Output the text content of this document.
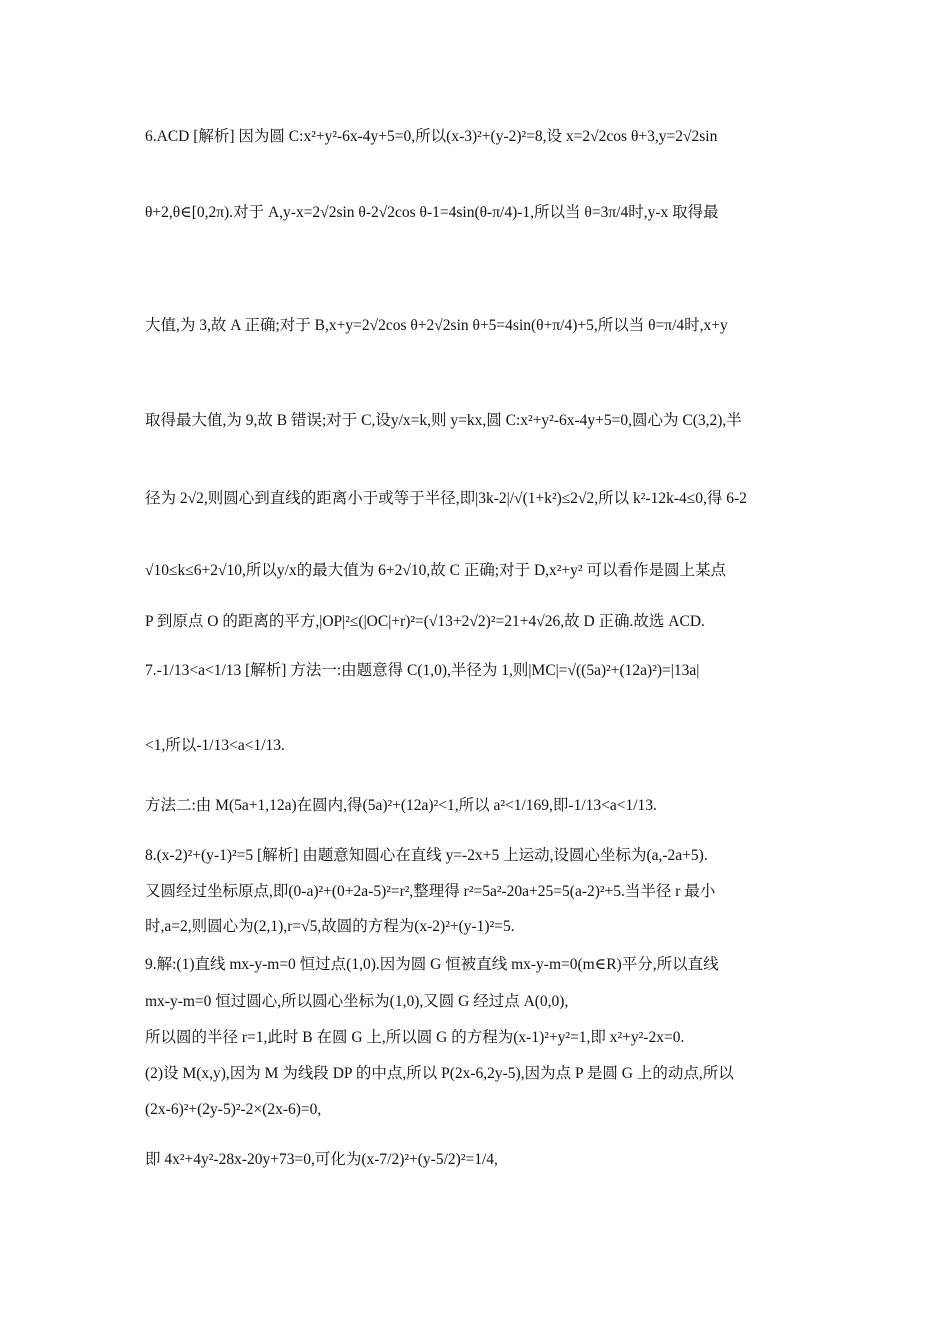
6.ACD [解析] 因为圆 C:x²+y²-6x-4y+5=0,所以(x-3)²+(y-2)²=8,设 x=2√2cos θ+3,y=2√2sin
θ+2,θ∈[0,2π).对于 A,y-x=2√2sin θ-2√2cos θ-1=4sin(θ-π/4)-1,所以当 θ=3π/4时,y-x 取得最
大值,为 3,故 A 正确;对于 B,x+y=2√2cos θ+2√2sin θ+5=4sin(θ+π/4)+5,所以当 θ=π/4时,x+y
取得最大值,为 9,故 B 错误;对于 C,设y/x=k,则 y=kx,圆 C:x²+y²-6x-4y+5=0,圆心为 C(3,2),半
径为 2√2,则圆心到直线的距离小于或等于半径,即|3k-2|/√(1+k²)≤2√2,所以 k²-12k-4≤0,得 6-2
√10≤k≤6+2√10,所以y/x的最大值为 6+2√10,故 C 正确;对于 D,x²+y² 可以看作是圆上某点
P 到原点 O 的距离的平方,|OP|²≤(|OC|+r)²=(√13+2√2)²=21+4√26,故 D 正确.故选 ACD.
7.-1/13<a<1/13 [解析] 方法一:由题意得 C(1,0),半径为 1,则|MC|=√((5a)²+(12a)²)=|13a|
<1,所以-1/13<a<1/13.
方法二:由 M(5a+1,12a)在圆内,得(5a)²+(12a)²<1,所以 a²<1/169,即-1/13<a<1/13.
8.(x-2)²+(y-1)²=5 [解析] 由题意知圆心在直线 y=-2x+5 上运动,设圆心坐标为(a,-2a+5).
又圆经过坐标原点,即(0-a)²+(0+2a-5)²=r²,整理得 r²=5a²-20a+25=5(a-2)²+5.当半径 r 最小
时,a=2,则圆心为(2,1),r=√5,故圆的方程为(x-2)²+(y-1)²=5.
9.解:(1)直线 mx-y-m=0 恒过点(1,0).因为圆 G 恒被直线 mx-y-m=0(m∈R)平分,所以直线
mx-y-m=0 恒过圆心,所以圆心坐标为(1,0),又圆 G 经过点 A(0,0),
所以圆的半径 r=1,此时 B 在圆 G 上,所以圆 G 的方程为(x-1)²+y²=1,即 x²+y²-2x=0.
(2)设 M(x,y),因为 M 为线段 DP 的中点,所以 P(2x-6,2y-5),因为点 P 是圆 G 上的动点,所以
(2x-6)²+(2y-5)²-2×(2x-6)=0,
即 4x²+4y²-28x-20y+73=0,可化为(x-7/2)²+(y-5/2)²=1/4,
